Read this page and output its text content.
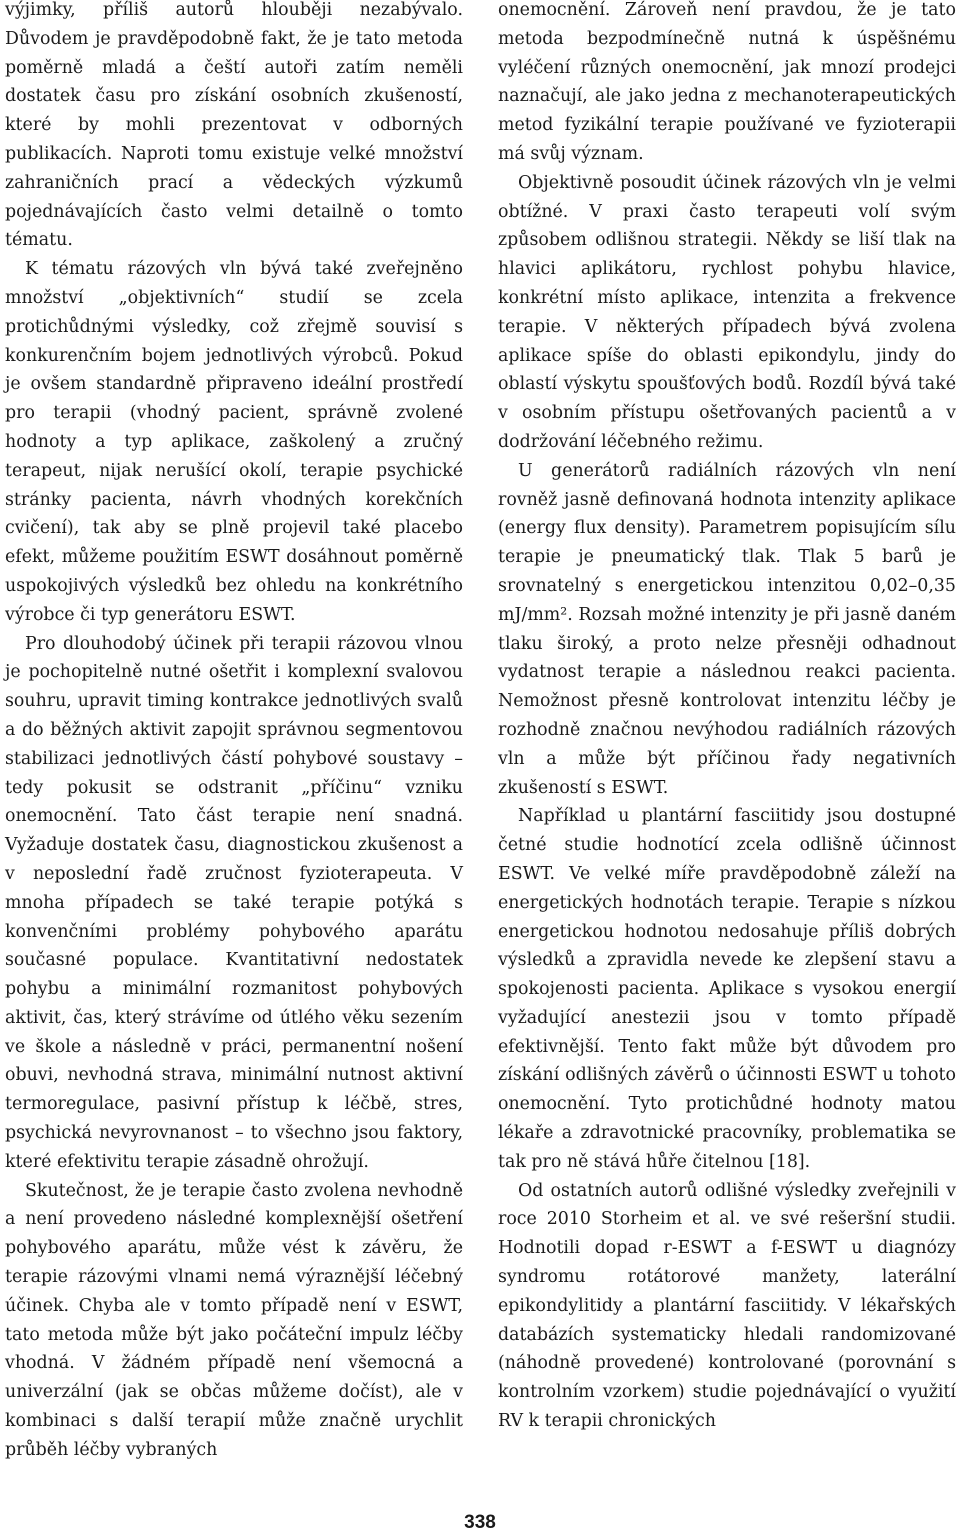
výjimky, příliš autorů hlouběji nezabývalo. Důvodem je pravděpodobně fakt, že je tato metoda poměrně mladá a čeští autoři zatím neměli dostatek času pro získání osobních zkušeností, které by mohli prezentovat v odborných publikacích. Naproti tomu existuje velké množství zahraničních prací a vědeckých výzkumů pojednávajících často velmi detailně o tomto tématu.

K tématu rázových vln bývá také zveřejněno množství „objektivních“ studií se zcela protichůdnými výsledky, což zřejmě souvisí s konkurenčním bojem jednotlivých výrobců. Pokud je ovšem standardně připraveno ideální prostředí pro terapii (vhodný pacient, správně zvolené hodnoty a typ aplikace, zaškolený a zručný terapeut, nijak nerušící okolí, terapie psychické stránky pacienta, návrh vhodných korekčních cvičení), tak aby se plně projevil také placebo efekt, můžeme použitím ESWT dosáhnout poměrně uspokojivých výsledků bez ohledu na konkrétního výrobce či typ generátoru ESWT.

Pro dlouhodobý účinek při terapii rázovou vlnou je pochopitelně nutné ošetřit i komplexní svalovou souhru, upravit timing kontrakce jednotlivých svalů a do běžných aktivit zapojit správnou segmentovou stabilizaci jednotlivých částí pohybové soustavy – tedy pokusit se odstranit „příčinu“ vzniku onemocnění. Tato část terapie není snadná. Vyžaduje dostatek času, diagnostickou zkušenost a v neposlední řadě zručnost fyzioterapeuta. V mnoha případech se také terapie potýká s konvenčními problémy pohybového aparátu současné populace. Kvantitativní nedostatek pohybu a minimální rozmanitost pohybových aktivit, čas, který strávíme od útlého věku sezením ve škole a následně v práci, permanentní nošení obuvi, nevhodná strava, minimální nutnost aktivní termoregulace, pasivní přístup k léčbě, stres, psychická nevyrovnanost – to všechno jsou faktory, které efektivitu terapie zásadně ohrožují.

Skutečnost, že je terapie často zvolena nevhodně a není provedeno následné komplexnější ošetření pohybového aparátu, může vést k závěru, že terapie rázovými vlnami nemá výraznější léčebný účinek. Chyba ale v tomto případě není v ESWT, tato metoda může být jako počáteční impulz léčby vhodná. V žádném případě není všemocná a univerzální (jak se občas můžeme dočíst), ale v kombinaci s další terapií může značně urychlit průběh léčby vybraných

onemocnění. Zároveň není pravdou, že je tato metoda bezpodmínečně nutná k úspěšnému vyléčení různých onemocnění, jak mnozí prodejci naznačují, ale jako jedna z mechanoterapeutických metod fyzikální terapie používané ve fyzioterapii má svůj význam.

Objektivně posoudit účinek rázových vln je velmi obtížné. V praxi často terapeuti volí svým způsobem odlišnou strategii. Někdy se liší tlak na hlavici aplikátoru, rychlost pohybu hlavice, konkrétní místo aplikace, intenzita a frekvence terapie. V některých případech bývá zvolena aplikace spíše do oblasti epikondylu, jindy do oblastí výskytu spoušťových bodů. Rozdíl bývá také v osobním přístupu ošetřovaných pacientů a v dodržování léčebného režimu.

U generátorů radiálních rázových vln není rovněž jasně definovaná hodnota intenzity aplikace (energy flux density). Parametrem popisujícím sílu terapie je pneumatický tlak. Tlak 5 barů je srovnatelný s energetickou intenzitou 0,02–0,35 mJ/mm². Rozsah možné intenzity je při jasně daném tlaku široký, a proto nelze přesněji odhadnout vydatnost terapie a následnou reakci pacienta. Nemožnost přesně kontrolovat intenzitu léčby je rozhodně značnou nevýhodou radiálních rázových vln a může být příčinou řady negativních zkušeností s ESWT.

Například u plantární fasciitidy jsou dostupné četné studie hodnotící zcela odlišně účinnost ESWT. Ve velké míře pravděpodobně záleží na energetických hodnotách terapie. Terapie s nízkou energetickou hodnotou nedosahuje příliš dobrých výsledků a zpravidla nevede ke zlepšení stavu a spokojenosti pacienta. Aplikace s vysokou energií vyžadující anestezii jsou v tomto případě efektivnější. Tento fakt může být důvodem pro získání odlišných závěrů o účinnosti ESWT u tohoto onemocnění. Tyto protichůdné hodnoty matou lékaře a zdravotnické pracovníky, problematika se tak pro ně stává hůře čitelnou [18].

Od ostatních autorů odlišné výsledky zveřejnili v roce 2010 Storheim et al. ve své rešeršní studii. Hodnotili dopad r-ESWT a f-ESWT u diagnózy syndromu rotátorové manžety, laterální epikondylitidy a plantární fasciitidy. V lékařských databázích systematicky hledali randomizované (náhodně provedené) kontrolované (porovnání s kontrolním vzorkem) studie pojednávající o využití RV k terapii chronických

338
